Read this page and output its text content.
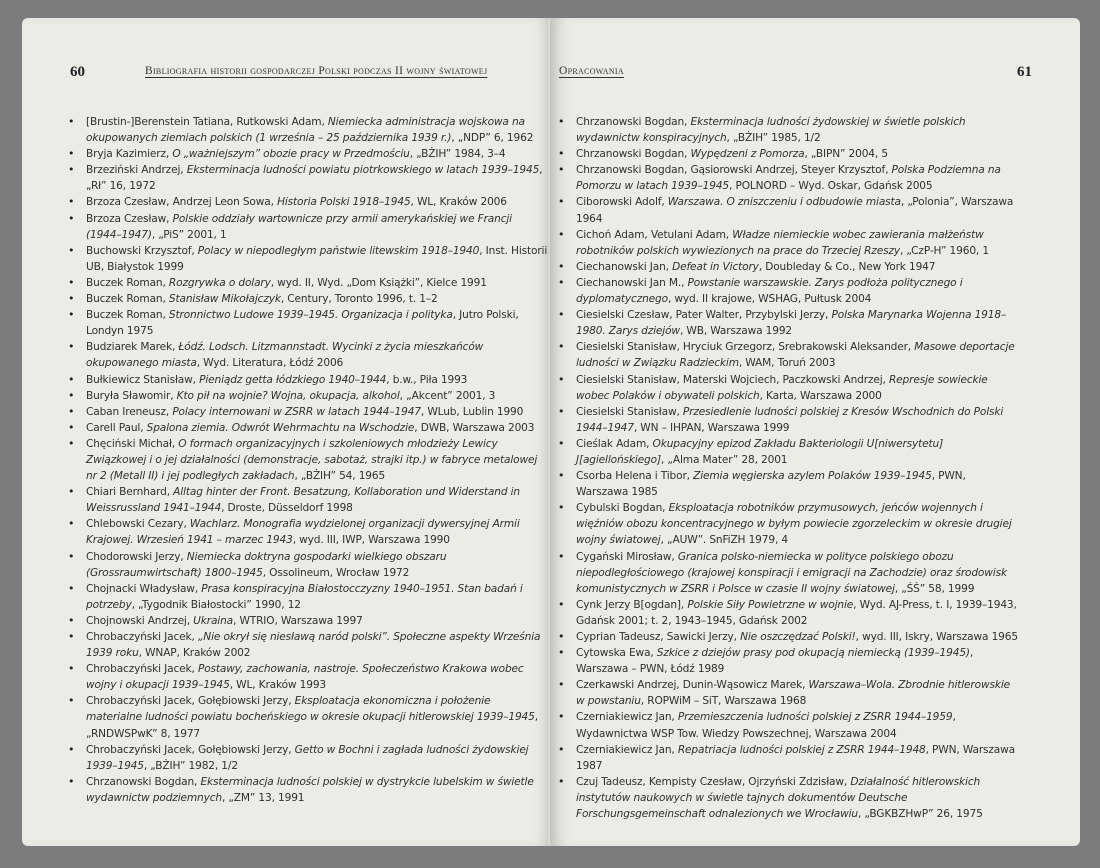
60	Bibliografia historii gospodarczej Polski podczas II wojny światowej
• [Brustin-]Berenstein Tatiana, Rutkowski Adam, Niemiecka administracja wojskowa na okupowanych ziemiach polskich (1 września – 25 października 1939 r.), „NDP” 6, 1962
• Bryja Kazimierz, O „ważniejszym” obozie pracy w Przedmościu, „BŻIH” 1984, 3–4
• Brzeziński Andrzej, Eksterminacja ludności powiatu piotrkowskiego w latach 1939–1945, „Rł” 16, 1972
• Brzoza Czesław, Andrzej Leon Sowa, Historia Polski 1918–1945, WL, Kraków 2006
• Brzoza Czesław, Polskie oddziały wartownicze przy armii amerykańskiej we Francji (1944–1947), „PiS” 2001, 1
• Buchowski Krzysztof, Polacy w niepodległym państwie litewskim 1918–1940, Inst. Historii UB, Białystok 1999
• Buczek Roman, Rozgrywka o dolary, wyd. II, Wyd. „Dom Książki”, Kielce 1991
• Buczek Roman, Stanisław Mikołajczyk, Century, Toronto 1996, t. 1–2
• Buczek Roman, Stronnictwo Ludowe 1939–1945. Organizacja i polityka, Jutro Polski, Londyn 1975
• Budziarek Marek, Łódź. Lodsch. Litzmannstadt. Wycinki z życia mieszkańców okupowanego miasta, Wyd. Literatura, Łódź 2006
• Bułkiewicz Stanisław, Pieniądz getta łódzkiego 1940–1944, b.w., Piła 1993
• Buryła Sławomir, Kto pił na wojnie? Wojna, okupacja, alkohol, „Akcent” 2001, 3
• Caban Ireneusz, Polacy internowani w ZSRR w latach 1944–1947, WLub, Lublin 1990
• Carell Paul, Spalona ziemia. Odwrót Wehrmachtu na Wschodzie, DWB, Warszawa 2003
• Chęciński Michał, O formach organizacyjnych i szkoleniowych młodzieży Lewicy Związkowej i o jej działalności (demonstracje, sabotaż, strajki itp.) w fabryce metalowej nr 2 (Metall II) i jej podległych zakładach, „BŻIH” 54, 1965
• Chiari Bernhard, Alltag hinter der Front. Besatzung, Kollaboration und Widerstand in Weissrussland 1941–1944, Droste, Düsseldorf 1998
• Chlebowski Cezary, Wachlarz. Monografia wydzielonej organizacji dywersyjnej Armii Krajowej. Wrzesień 1941 – marzec 1943, wyd. III, IWP, Warszawa 1990
• Chodorowski Jerzy, Niemiecka doktryna gospodarki wielkiego obszaru (Grossraumwirtschaft) 1800–1945, Ossolineum, Wrocław 1972
• Chojnacki Władysław, Prasa konspiracyjna Białostocczyzny 1940–1951. Stan badań i potrzeby, „Tygodnik Białostocki” 1990, 12
• Chojnowski Andrzej, Ukraina, WTRIO, Warszawa 1997
• Chrobaczyński Jacek, „Nie okrył się niesławą naród polski”. Społeczne aspekty Września 1939 roku, WNAP, Kraków 2002
• Chrobaczyński Jacek, Postawy, zachowania, nastroje. Społeczeństwo Krakowa wobec wojny i okupacji 1939–1945, WL, Kraków 1993
• Chrobaczyński Jacek, Gołębiowski Jerzy, Eksploatacja ekonomiczna i położenie materialne ludności powiatu bocheńskiego w okresie okupacji hitlerowskiej 1939–1945, „RNDWSPwK” 8, 1977
• Chrobaczyński Jacek, Gołębiowski Jerzy, Getto w Bochni i zagłada ludności żydowskiej 1939–1945, „BŻIH” 1982, 1/2
• Chrzanowski Bogdan, Eksterminacja ludności polskiej w dystrykcie lubelskim w świetle wydawnictw podziemnych, „ZM” 13, 1991
61
Opracowania
• Chrzanowski Bogdan, Eksterminacja ludności żydowskiej w świetle polskich wydawnictw konspiracyjnych, „BŻIH” 1985, 1/2
• Chrzanowski Bogdan, Wypędzeni z Pomorza, „BIPN” 2004, 5
• Chrzanowski Bogdan, Gąsiorowski Andrzej, Steyer Krzysztof, Polska Podziemna na Pomorzu w latach 1939–1945, POLNORD – Wyd. Oskar, Gdańsk 2005
• Ciborowski Adolf, Warszawa. O zniszczeniu i odbudowie miasta, „Polonia”, Warszawa 1964
• Cichoń Adam, Vetulani Adam, Władze niemieckie wobec zawierania małżeństw robotników polskich wywiezionych na prace do Trzeciej Rzeszy, „CzP-H” 1960, 1
• Ciechanowski Jan, Defeat in Victory, Doubleday & Co., New York 1947
• Ciechanowski Jan M., Powstanie warszawskie. Zarys podłoża politycznego i dyplomatycznego, wyd. II krajowe, WSHAG, Pułtusk 2004
• Ciesielski Czesław, Pater Walter, Przybylski Jerzy, Polska Marynarka Wojenna 1918–1980. Zarys dziejów, WB, Warszawa 1992
• Ciesielski Stanisław, Hryciuk Grzegorz, Srebrakowski Aleksander, Masowe deportacje ludności w Związku Radzieckim, WAM, Toruń 2003
• Ciesielski Stanisław, Materski Wojciech, Paczkowski Andrzej, Represje sowieckie wobec Polaków i obywateli polskich, Karta, Warszawa 2000
• Ciesielski Stanisław, Przesiedlenie ludności polskiej z Kresów Wschodnich do Polski 1944–1947, WN – IHPAN, Warszawa 1999
• Cieślak Adam, Okupacyjny epizod Zakładu Bakteriologii U[niwersytetu] J[agiellońskiego], „Alma Mater” 28, 2001
• Csorba Helena i Tibor, Ziemia węgierska azylem Polaków 1939–1945, PWN, Warszawa 1985
• Cybulski Bogdan, Eksploatacja robotników przymusowych, jeńców wojennych i więźniów obozu koncentracyjnego w byłym powiecie zgorzeleckim w okresie drugiej wojny światowej, „AUW”. SnFiZH 1979, 4
• Cygański Mirosław, Granica polsko-niemiecka w polityce polskiego obozu niepodległościowego (krajowej konspiracji i emigracji na Zachodzie) oraz środowisk komunistycznych w ZSRR i Polsce w czasie II wojny światowej, „ŚŚ” 58, 1999
• Cynk Jerzy B[ogdan], Polskie Siły Powietrzne w wojnie, Wyd. AJ-Press, t. I, 1939–1943, Gdańsk 2001; t. 2, 1943–1945, Gdańsk 2002
• Cyprian Tadeusz, Sawicki Jerzy, Nie oszczędzać Polski!, wyd. III, Iskry, Warszawa 1965
• Cytowska Ewa, Szkice z dziejów prasy pod okupacją niemiecką (1939–1945), Warszawa – PWN, Łódź 1989
• Czerkawski Andrzej, Dunin-Wąsowicz Marek, Warszawa–Wola. Zbrodnie hitlerowskie w powstaniu, ROPWiM – SiT, Warszawa 1968
• Czerniakiewicz Jan, Przemieszczenia ludności polskiej z ZSRR 1944–1959, Wydawnictwa WSP Tow. Wiedzy Powszechnej, Warszawa 2004
• Czerniakiewicz Jan, Repatriacja ludności polskiej z ZSRR 1944–1948, PWN, Warszawa 1987
• Czuj Tadeusz, Kempisty Czesław, Ojrzyński Zdzisław, Działalność hitlerowskich instytutów naukowych w świetle tajnych dokumentów Deutsche Forschungsgemeinschaft odnalezionych we Wrocławiu, „BGKBZHwP” 26, 1975
